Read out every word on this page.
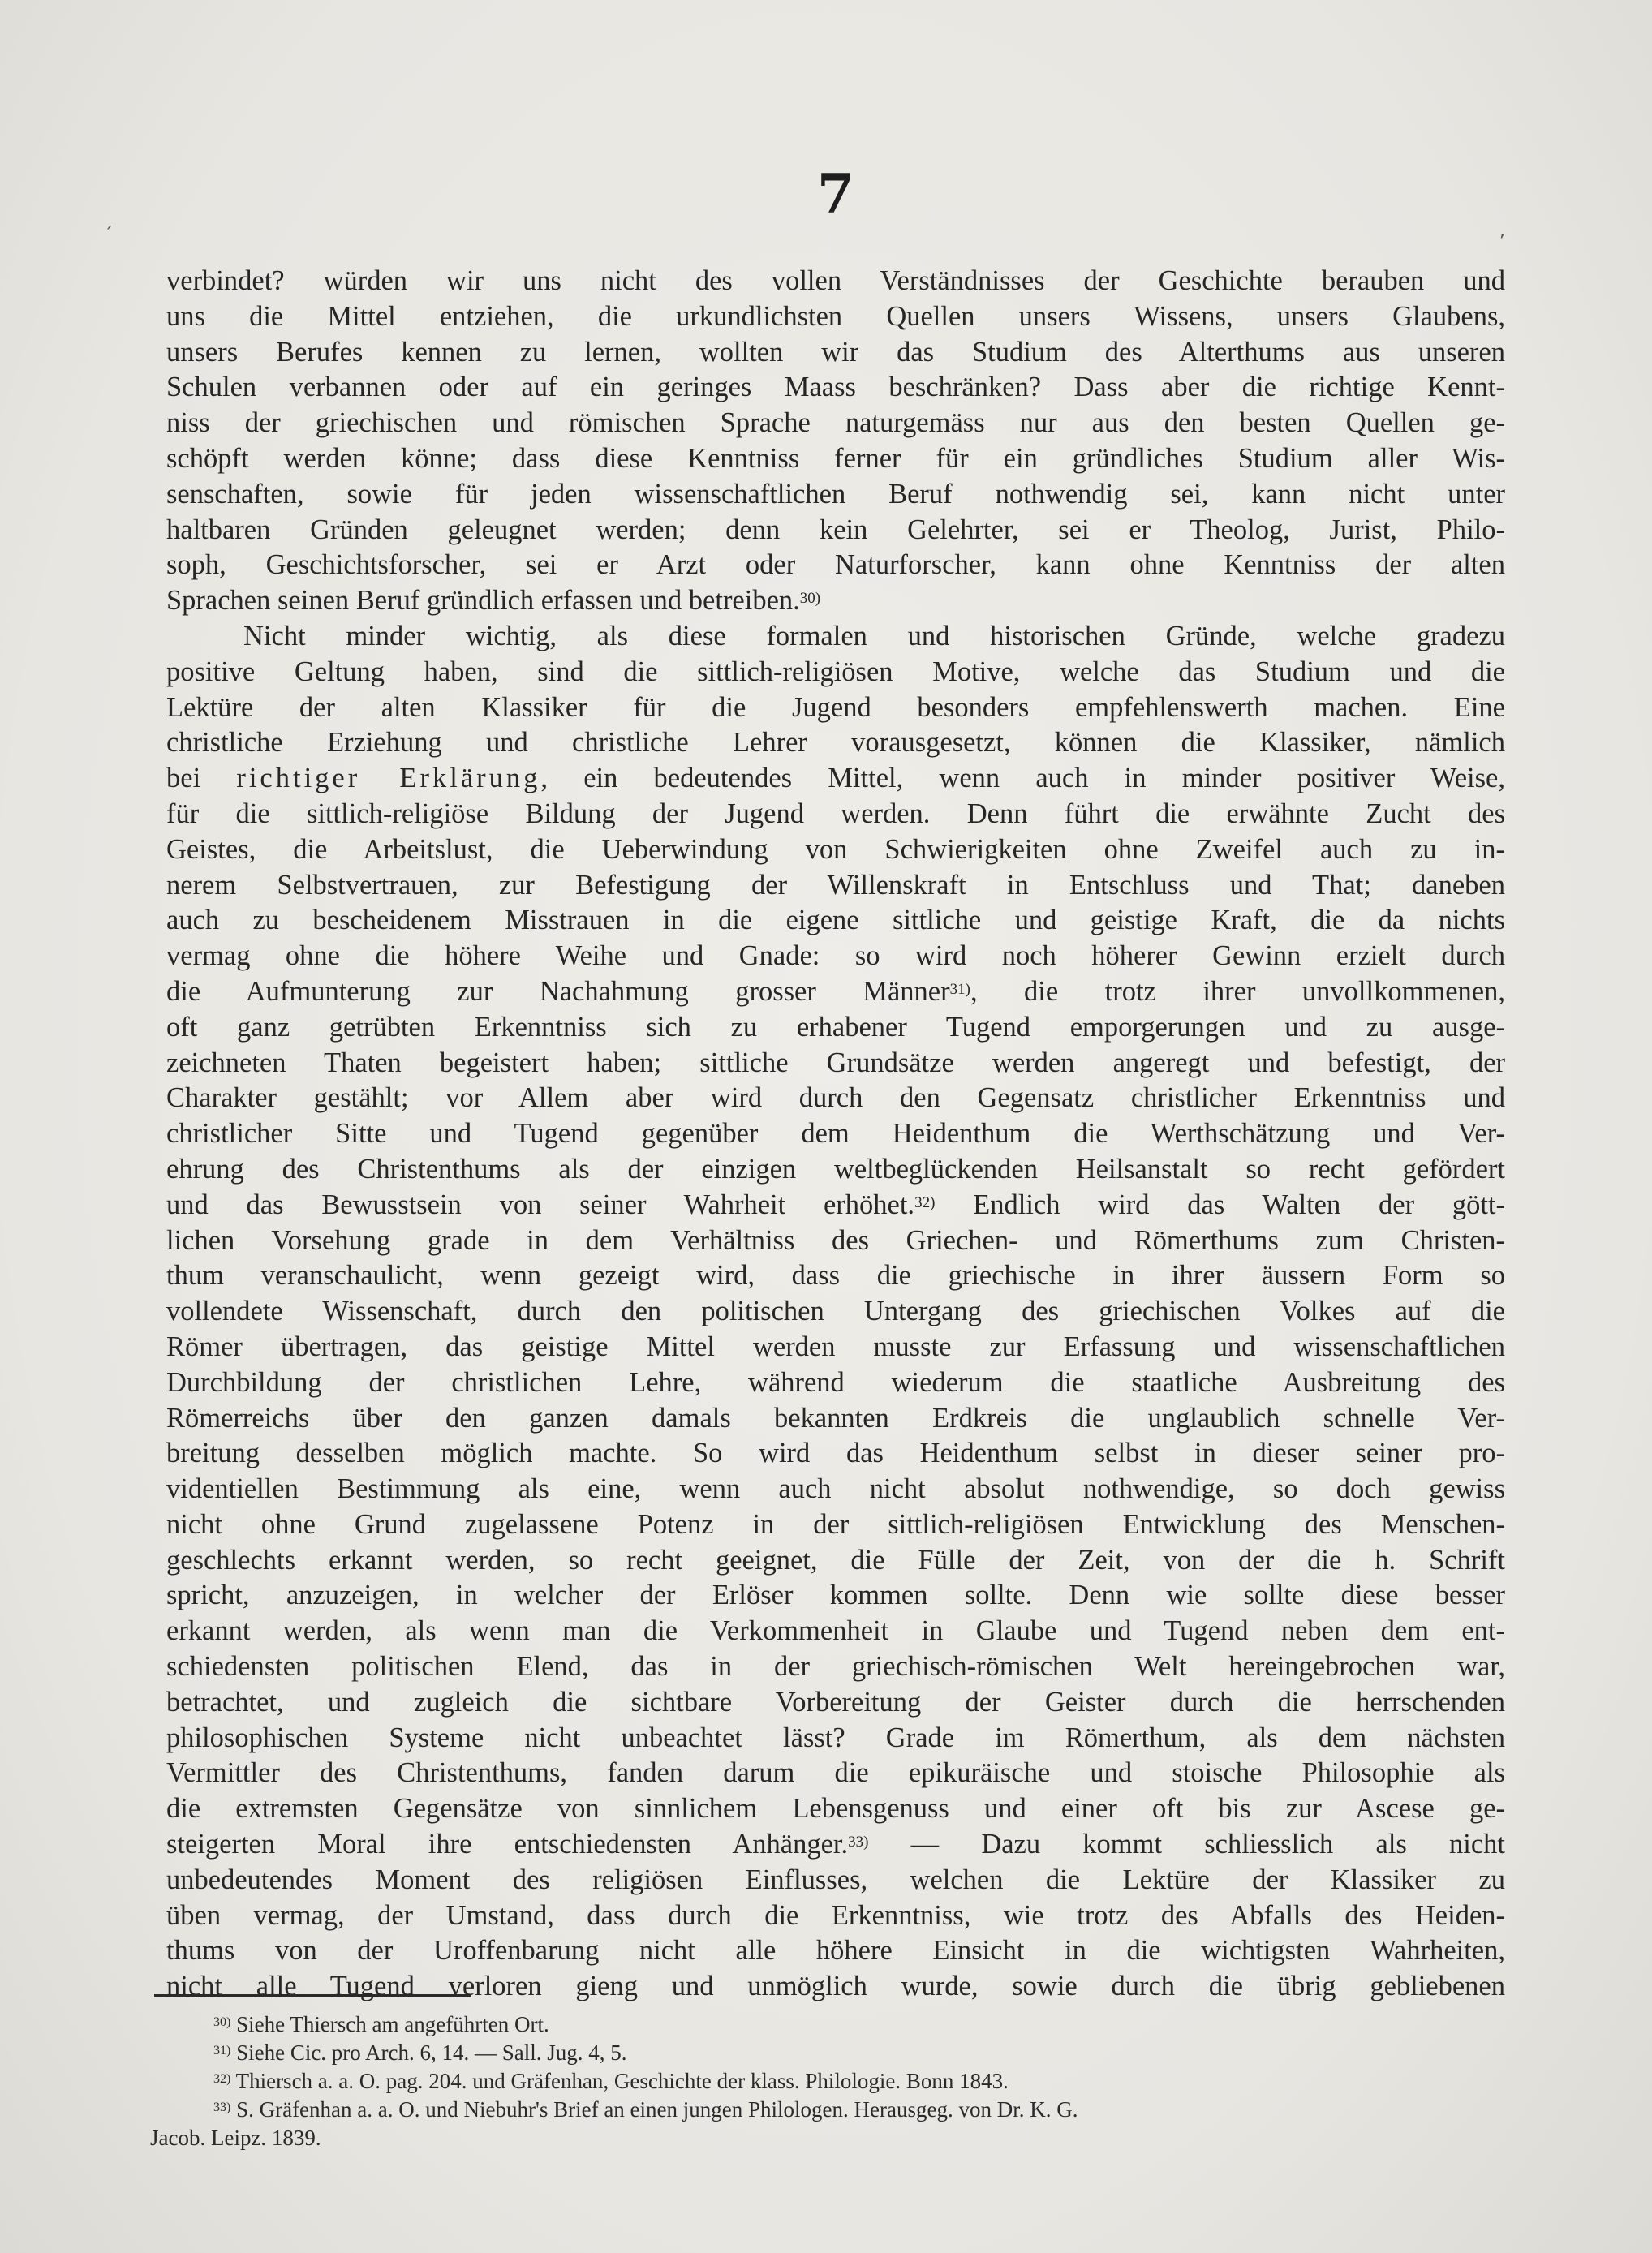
7
verbindet? würden wir uns nicht des vollen Verständnisses der Geschichte berauben und
uns die Mittel entziehen, die urkundlichsten Quellen unsers Wissens, unsers Glaubens,
unsers Berufes kennen zu lernen, wollten wir das Studium des Alterthums aus unseren
Schulen verbannen oder auf ein geringes Maass beschränken? Dass aber die richtige Kennt-
niss der griechischen und römischen Sprache naturgemäss nur aus den besten Quellen ge-
schöpft werden könne; dass diese Kenntniss ferner für ein gründliches Studium aller Wis-
senschaften, sowie für jeden wissenschaftlichen Beruf nothwendig sei, kann nicht unter
haltbaren Gründen geleugnet werden; denn kein Gelehrter, sei er Theolog, Jurist, Philo-
soph, Geschichtsforscher, sei er Arzt oder Naturforscher, kann ohne Kenntniss der alten
Sprachen seinen Beruf gründlich erfassen und betreiben.$^{30)}$
Nicht minder wichtig, als diese formalen und historischen Gründe, welche gradezu
positive Geltung haben, sind die sittlich-religiösen Motive, welche das Studium und die
Lektüre der alten Klassiker für die Jugend besonders empfehlenswerth machen. Eine
christliche Erziehung und christliche Lehrer vorausgesetzt, können die Klassiker, nämlich
bei richtiger Erklärung, ein bedeutendes Mittel, wenn auch in minder positiver Weise,
für die sittlich-religiöse Bildung der Jugend werden. Denn führt die erwähnte Zucht des
Geistes, die Arbeitslust, die Ueberwindung von Schwierigkeiten ohne Zweifel auch zu in-
nerem Selbstvertrauen, zur Befestigung der Willenskraft in Entschluss und That; daneben
auch zu bescheidenem Misstrauen in die eigene sittliche und geistige Kraft, die da nichts
vermag ohne die höhere Weihe und Gnade: so wird noch höherer Gewinn erzielt durch
die Aufmunterung zur Nachahmung grosser Männer$^{31)}$, die trotz ihrer unvollkommenen,
oft ganz getrübten Erkenntniss sich zu erhabener Tugend emporgerungen und zu ausge-
zeichneten Thaten begeistert haben; sittliche Grundsätze werden angeregt und befestigt, der
Charakter gestählt; vor Allem aber wird durch den Gegensatz christlicher Erkenntniss und
christlicher Sitte und Tugend gegenüber dem Heidenthum die Werthschätzung und Ver-
ehrung des Christenthums als der einzigen weltbeglückenden Heilsanstalt so recht gefördert
und das Bewusstsein von seiner Wahrheit erhöhet.$^{32)}$ Endlich wird das Walten der gött-
lichen Vorsehung grade in dem Verhältniss des Griechen- und Römerthums zum Christen-
thum veranschaulicht, wenn gezeigt wird, dass die griechische in ihrer äussern Form so
vollendete Wissenschaft, durch den politischen Untergang des griechischen Volkes auf die
Römer übertragen, das geistige Mittel werden musste zur Erfassung und wissenschaftlichen
Durchbildung der christlichen Lehre, während wiederum die staatliche Ausbreitung des
Römerreichs über den ganzen damals bekannten Erdkreis die unglaublich schnelle Ver-
breitung desselben möglich machte. So wird das Heidenthum selbst in dieser seiner pro-
videntiellen Bestimmung als eine, wenn auch nicht absolut nothwendige, so doch gewiss
nicht ohne Grund zugelassene Potenz in der sittlich-religiösen Entwicklung des Menschen-
geschlechts erkannt werden, so recht geeignet, die Fülle der Zeit, von der die h. Schrift
spricht, anzuzeigen, in welcher der Erlöser kommen sollte. Denn wie sollte diese besser
erkannt werden, als wenn man die Verkommenheit in Glaube und Tugend neben dem ent-
schiedensten politischen Elend, das in der griechisch-römischen Welt hereingebrochen war,
betrachtet, und zugleich die sichtbare Vorbereitung der Geister durch die herrschenden
philosophischen Systeme nicht unbeachtet lässt? Grade im Römerthum, als dem nächsten
Vermittler des Christenthums, fanden darum die epikuräische und stoische Philosophie als
die extremsten Gegensätze von sinnlichem Lebensgenuss und einer oft bis zur Ascese ge-
steigerten Moral ihre entschiedensten Anhänger.$^{33)}$ — Dazu kommt schliesslich als nicht
unbedeutendes Moment des religiösen Einflusses, welchen die Lektüre der Klassiker zu
üben vermag, der Umstand, dass durch die Erkenntniss, wie trotz des Abfalls des Heiden-
thums von der Uroffenbarung nicht alle höhere Einsicht in die wichtigsten Wahrheiten,
nicht alle Tugend verloren gieng und unmöglich wurde, sowie durch die übrig gebliebenen
$^{30)}$ Siehe Thiersch am angeführten Ort.
$^{31)}$ Siehe Cic. pro Arch. 6, 14. — Sall. Jug. 4, 5.
$^{32)}$ Thiersch a. a. O. pag. 204. und Gräfenhan, Geschichte der klass. Philologie. Bonn 1843.
$^{33)}$ S. Gräfenhan a. a. O. und Niebuhr's Brief an einen jungen Philologen. Herausgeg. von Dr. K. G.
Jacob. Leipz. 1839.
ˏ
,
